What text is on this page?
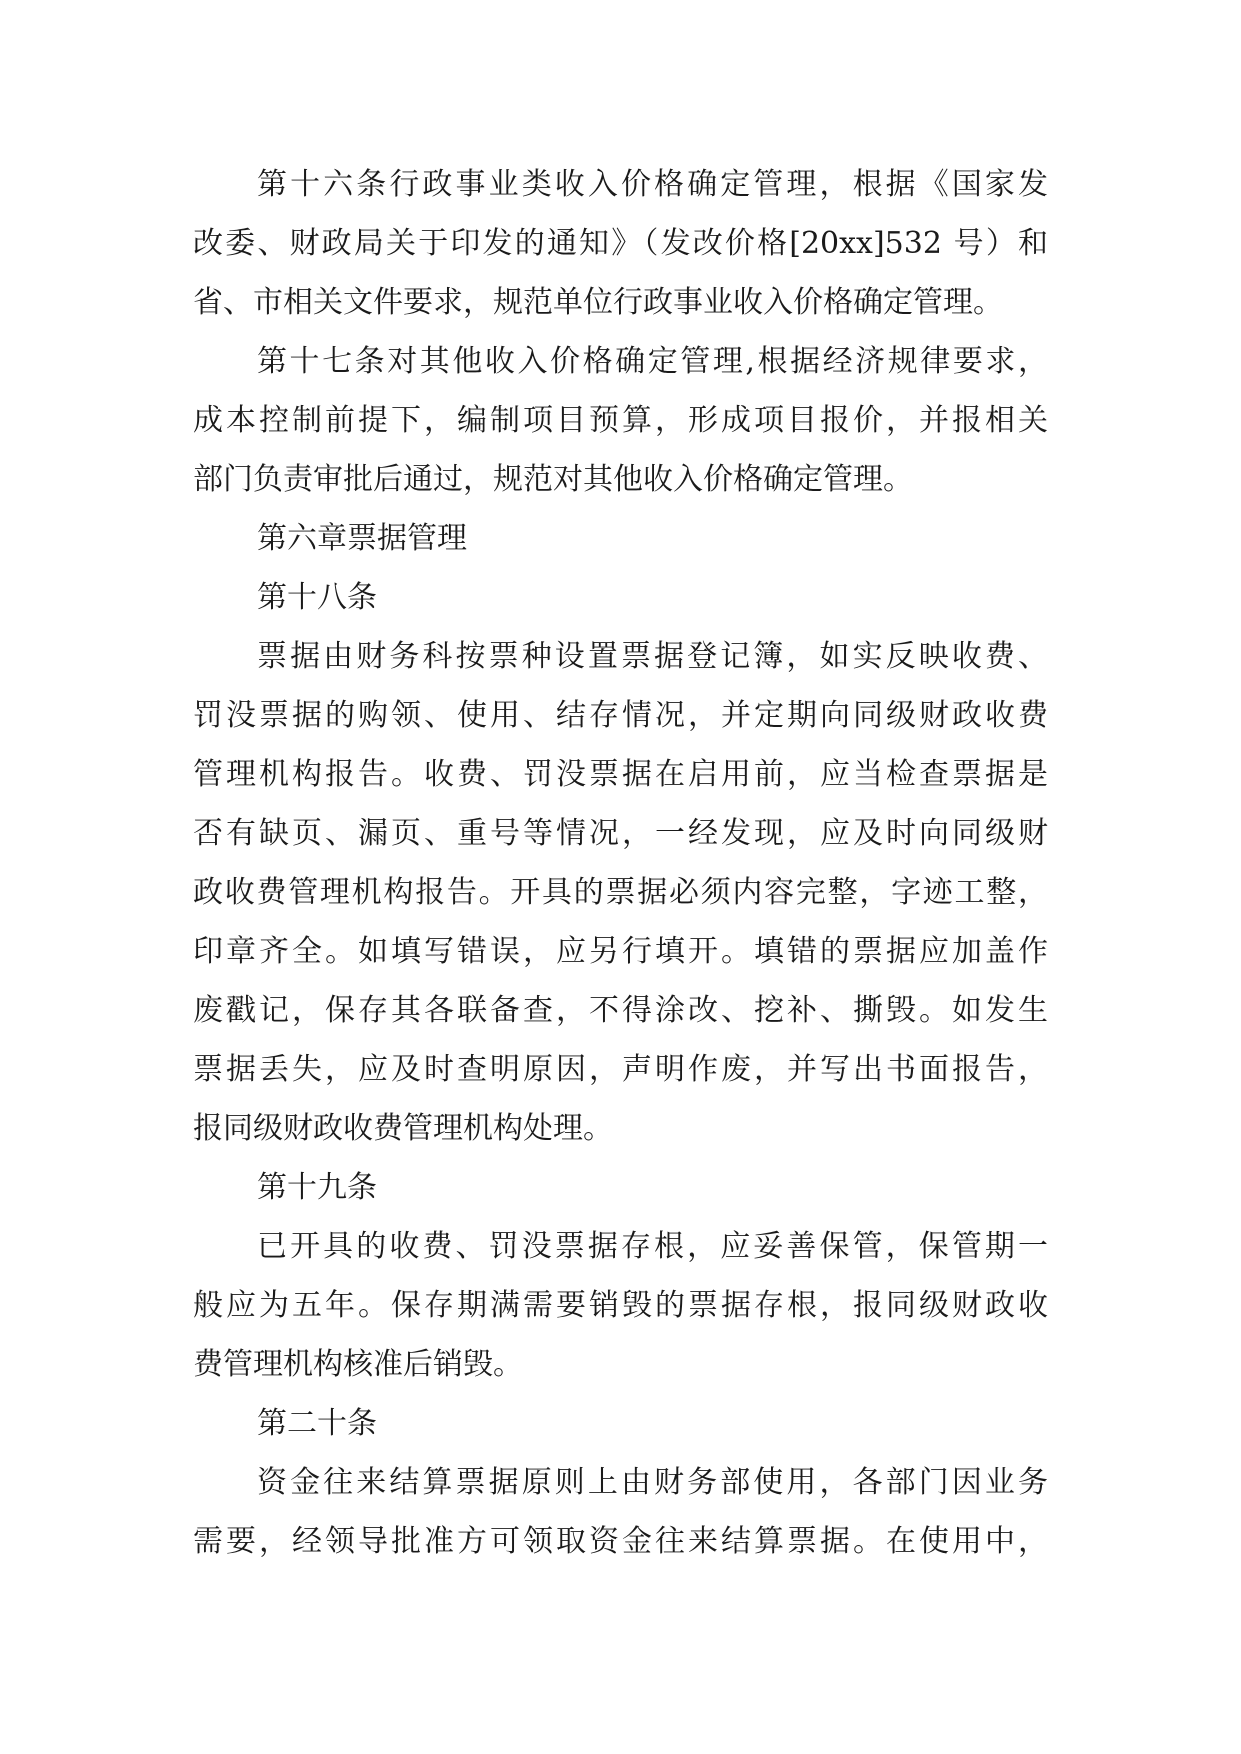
第十六条行政事业类收入价格确定管理，根据《国家发
改委、财政局关于印发的通知》（发改价格[20xx]532 号）和
省、市相关文件要求，规范单位行政事业收入价格确定管理。
第十七条对其他收入价格确定管理,根据经济规律要求，
成本控制前提下，编制项目预算，形成项目报价，并报相关
部门负责审批后通过，规范对其他收入价格确定管理。
第六章票据管理
第十八条
票据由财务科按票种设置票据登记簿，如实反映收费、
罚没票据的购领、使用、结存情况，并定期向同级财政收费
管理机构报告。收费、罚没票据在启用前，应当检查票据是
否有缺页、漏页、重号等情况，一经发现，应及时向同级财
政收费管理机构报告。开具的票据必须内容完整，字迹工整，
印章齐全。如填写错误，应另行填开。填错的票据应加盖作
废戳记，保存其各联备查，不得涂改、挖补、撕毁。如发生
票据丢失，应及时查明原因，声明作废，并写出书面报告，
报同级财政收费管理机构处理。
第十九条
已开具的收费、罚没票据存根，应妥善保管，保管期一
般应为五年。保存期满需要销毁的票据存根，报同级财政收
费管理机构核准后销毁。
第二十条
资金往来结算票据原则上由财务部使用，各部门因业务
需要，经领导批准方可领取资金往来结算票据。在使用中，
